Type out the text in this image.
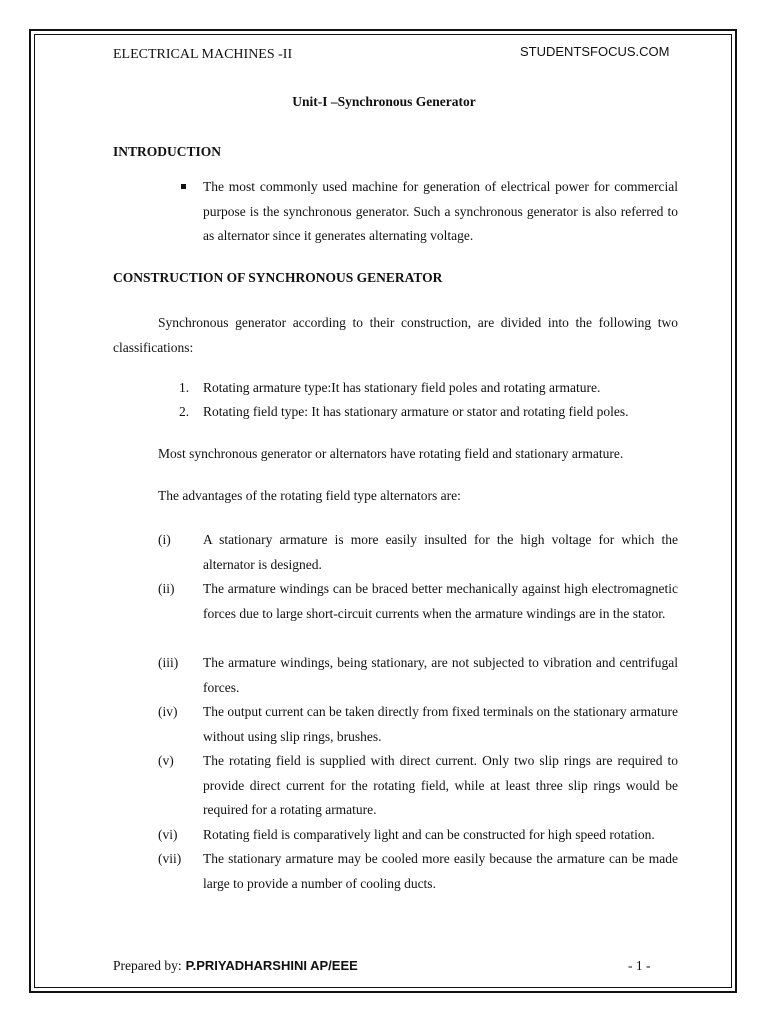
ELECTRICAL MACHINES -II	STUDENTSFOCUS.COM
Unit-I –Synchronous Generator
INTRODUCTION
The most commonly used machine for generation of electrical power for commercial purpose is the synchronous generator. Such a synchronous generator is also referred to as alternator since it generates alternating voltage.
CONSTRUCTION OF SYNCHRONOUS GENERATOR
Synchronous generator according to their construction, are divided into the following two classifications:
1.	Rotating armature type:It has stationary field poles and rotating armature.
2.	Rotating field type: It has stationary armature or stator and rotating field poles.
Most synchronous generator or alternators have rotating field and stationary armature.
The advantages of the rotating field type alternators are:
(i) A stationary armature is more easily insulted for the high voltage for which the alternator is designed.
(ii) The armature windings can be braced better mechanically against high electromagnetic forces due to large short-circuit currents when the armature windings are in the stator.
(iii) The armature windings, being stationary, are not subjected to vibration and centrifugal forces.
(iv) The output current can be taken directly from fixed terminals on the stationary armature without using slip rings, brushes.
(v) The rotating field is supplied with direct current. Only two slip rings are required to provide direct current for the rotating field, while at least three slip rings would be required for a rotating armature.
(vi) Rotating field is comparatively light and can be constructed for high speed rotation.
(vii) The stationary armature may be cooled more easily because the armature can be made large to provide a number of cooling ducts.
Prepared by: P.PRIYADHARSHINI AP/EEE	- 1 -
